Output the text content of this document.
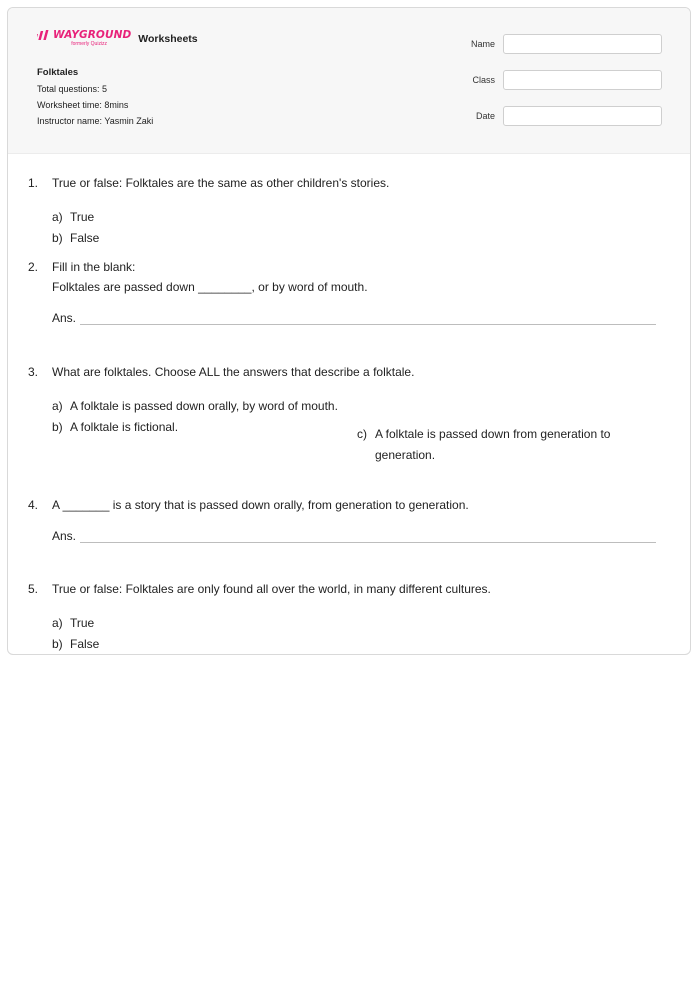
WAYGROUND
formerly Quizizz	Worksheets
Folktales
Total questions: 5
Worksheet time: 8mins
Instructor name: Yasmin Zaki
Name
Class
Date
1. True or false: Folktales are the same as other children's stories.
a) True
b) False
2. Fill in the blank:
Folktales are passed down ________, or by word of mouth.
Ans.
3. What are folktales. Choose ALL the answers that describe a folktale.
a) A folktale is passed down orally, by word of mouth.
b) A folktale is fictional.	c) A folktale is passed down from generation to generation.
4. A _______ is a story that is passed down orally, from generation to generation.
Ans.
5. True or false: Folktales are only found all over the world, in many different cultures.
a) True
b) False
